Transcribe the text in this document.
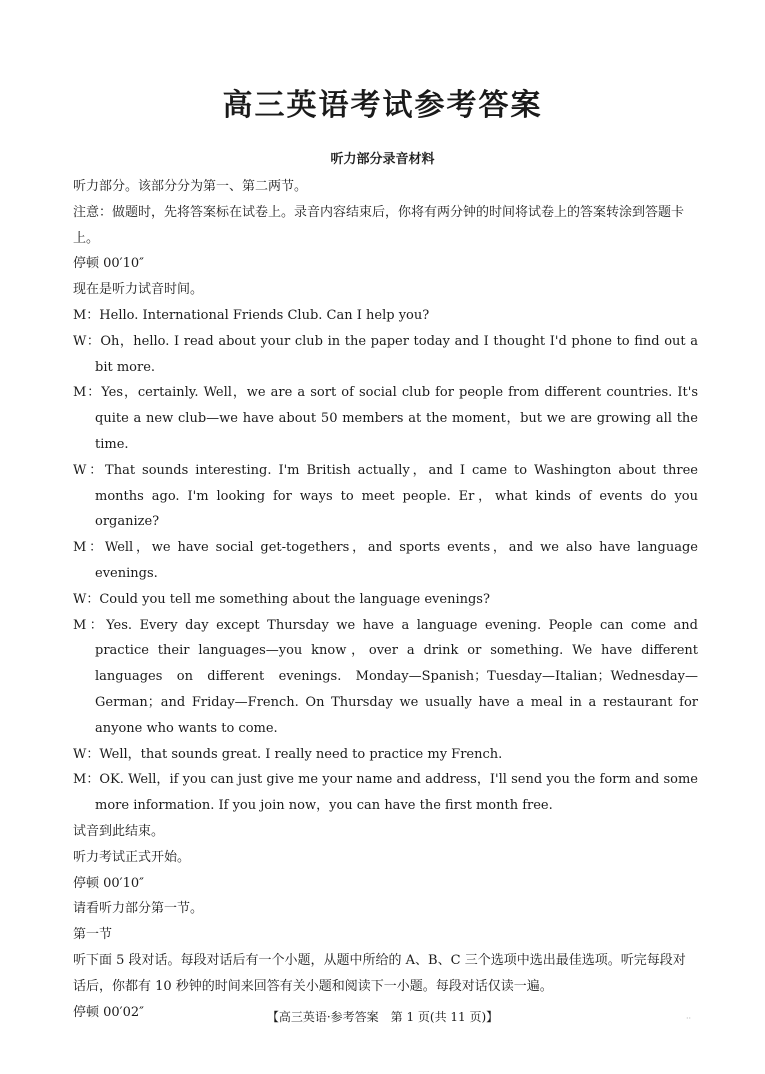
高三英语考试参考答案
听力部分录音材料
听力部分。该部分分为第一、第二两节。
注意：做题时，先将答案标在试卷上。录音内容结束后，你将有两分钟的时间将试卷上的答案转涂到答题卡上。
停顿 00′10″
现在是听力试音时间。
M：Hello. International Friends Club. Can I help you?
W：Oh，hello. I read about your club in the paper today and I thought I'd phone to find out a bit more.
M：Yes，certainly. Well，we are a sort of social club for people from different countries. It's quite a new club—we have about 50 members at the moment，but we are growing all the time.
W：That sounds interesting. I'm British actually，and I came to Washington about three months ago. I'm looking for ways to meet people. Er，what kinds of events do you organize?
M：Well，we have social get-togethers，and sports events，and we also have language evenings.
W：Could you tell me something about the language evenings?
M：Yes. Every day except Thursday we have a language evening. People can come and practice their languages—you know，over a drink or something. We have different languages on different evenings. Monday—Spanish；Tuesday—Italian；Wednesday—German；and Friday—French. On Thursday we usually have a meal in a restaurant for anyone who wants to come.
W：Well，that sounds great. I really need to practice my French.
M：OK. Well，if you can just give me your name and address，I'll send you the form and some more information. If you join now，you can have the first month free.
试音到此结束。
听力考试正式开始。
停顿 00′10″
请看听力部分第一节。
第一节
听下面 5 段对话。每段对话后有一个小题，从题中所给的 A、B、C 三个选项中选出最佳选项。听完每段对话后，你都有 10 秒钟的时间来回答有关小题和阅读下一小题。每段对话仅读一遍。
停顿 00′02″	【高三英语·参考答案　第 1 页(共 11 页)】	··
